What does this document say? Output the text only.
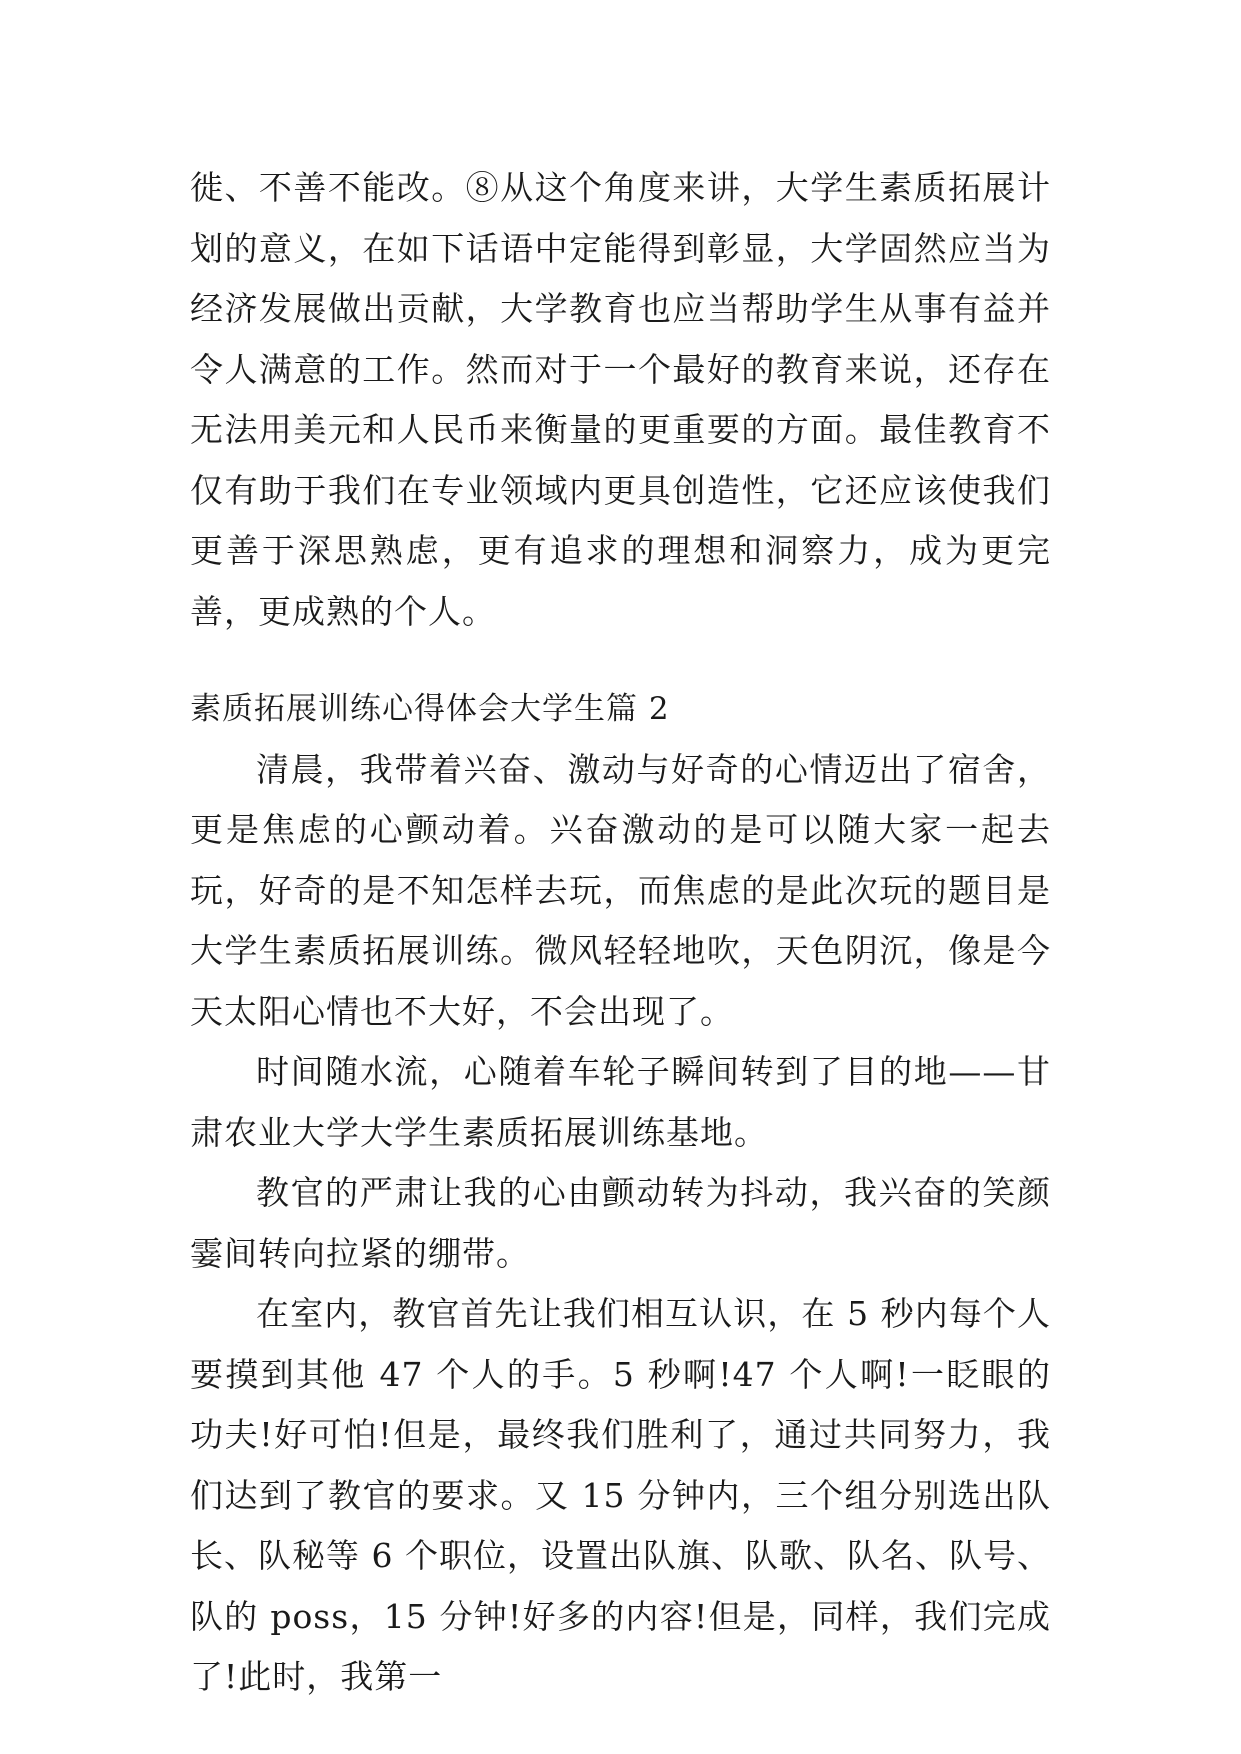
徙、不善不能改。⑧从这个角度来讲，大学生素质拓展计划的意义，在如下话语中定能得到彰显，大学固然应当为经济发展做出贡献，大学教育也应当帮助学生从事有益并令人满意的工作。然而对于一个最好的教育来说，还存在无法用美元和人民币来衡量的更重要的方面。最佳教育不仅有助于我们在专业领域内更具创造性，它还应该使我们更善于深思熟虑，更有追求的理想和洞察力，成为更完善，更成熟的个人。

素质拓展训练心得体会大学生篇 2

清晨，我带着兴奋、激动与好奇的心情迈出了宿舍，更是焦虑的心颤动着。兴奋激动的是可以随大家一起去玩，好奇的是不知怎样去玩，而焦虑的是此次玩的题目是大学生素质拓展训练。微风轻轻地吹，天色阴沉，像是今天太阳心情也不大好，不会出现了。

时间随水流，心随着车轮子瞬间转到了目的地——甘肃农业大学大学生素质拓展训练基地。

教官的严肃让我的心由颤动转为抖动，我兴奋的笑颜霎间转向拉紧的绷带。

在室内，教官首先让我们相互认识，在 5 秒内每个人要摸到其他 47 个人的手。5 秒啊!47 个人啊!一眨眼的功夫!好可怕!但是，最终我们胜利了，通过共同努力，我们达到了教官的要求。又 15 分钟内，三个组分别选出队长、队秘等 6 个职位，设置出队旗、队歌、队名、队号、队的 poss，15 分钟!好多的内容!但是，同样，我们完成了!此时，我第一
